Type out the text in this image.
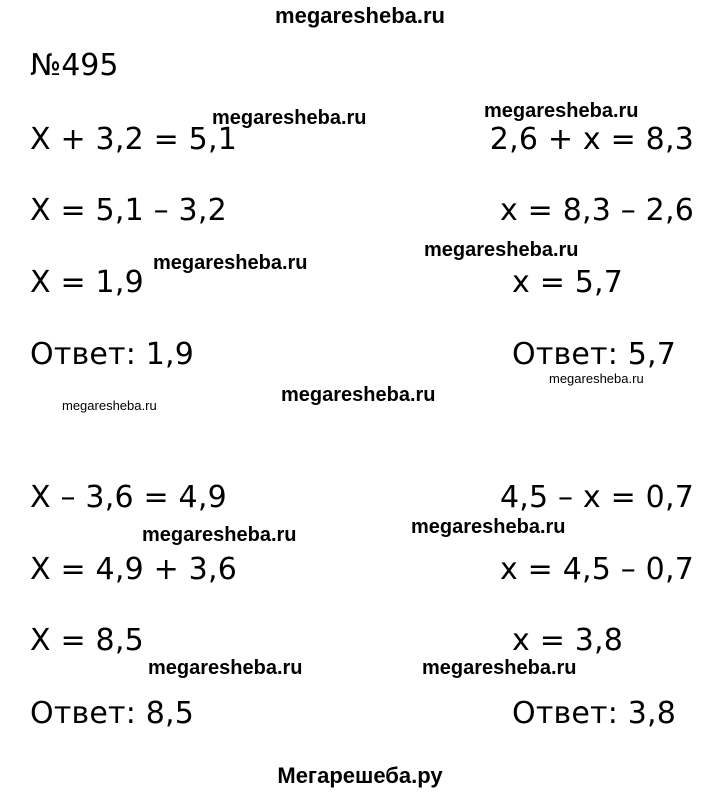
megaresheba.ru
№495
X + 3,2 = 5,1
X = 5,1 – 3,2
X = 1,9
Ответ: 1,9
2,6 + x = 8,3
x = 8,3 – 2,6
x = 5,7
Ответ: 5,7
X – 3,6 = 4,9
X = 4,9 + 3,6
X = 8,5
Ответ: 8,5
4,5 – x = 0,7
x = 4,5 – 0,7
x = 3,8
Ответ: 3,8
megaresheba.ru	megaresheba.ru
megaresheba.ru
megaresheba.ru
megaresheba.ru
megaresheba.ru	megaresheba.ru
megaresheba.ru	megaresheba.ru
megaresheba.ru
megaresheba.ru
Мегарешеба.ру
